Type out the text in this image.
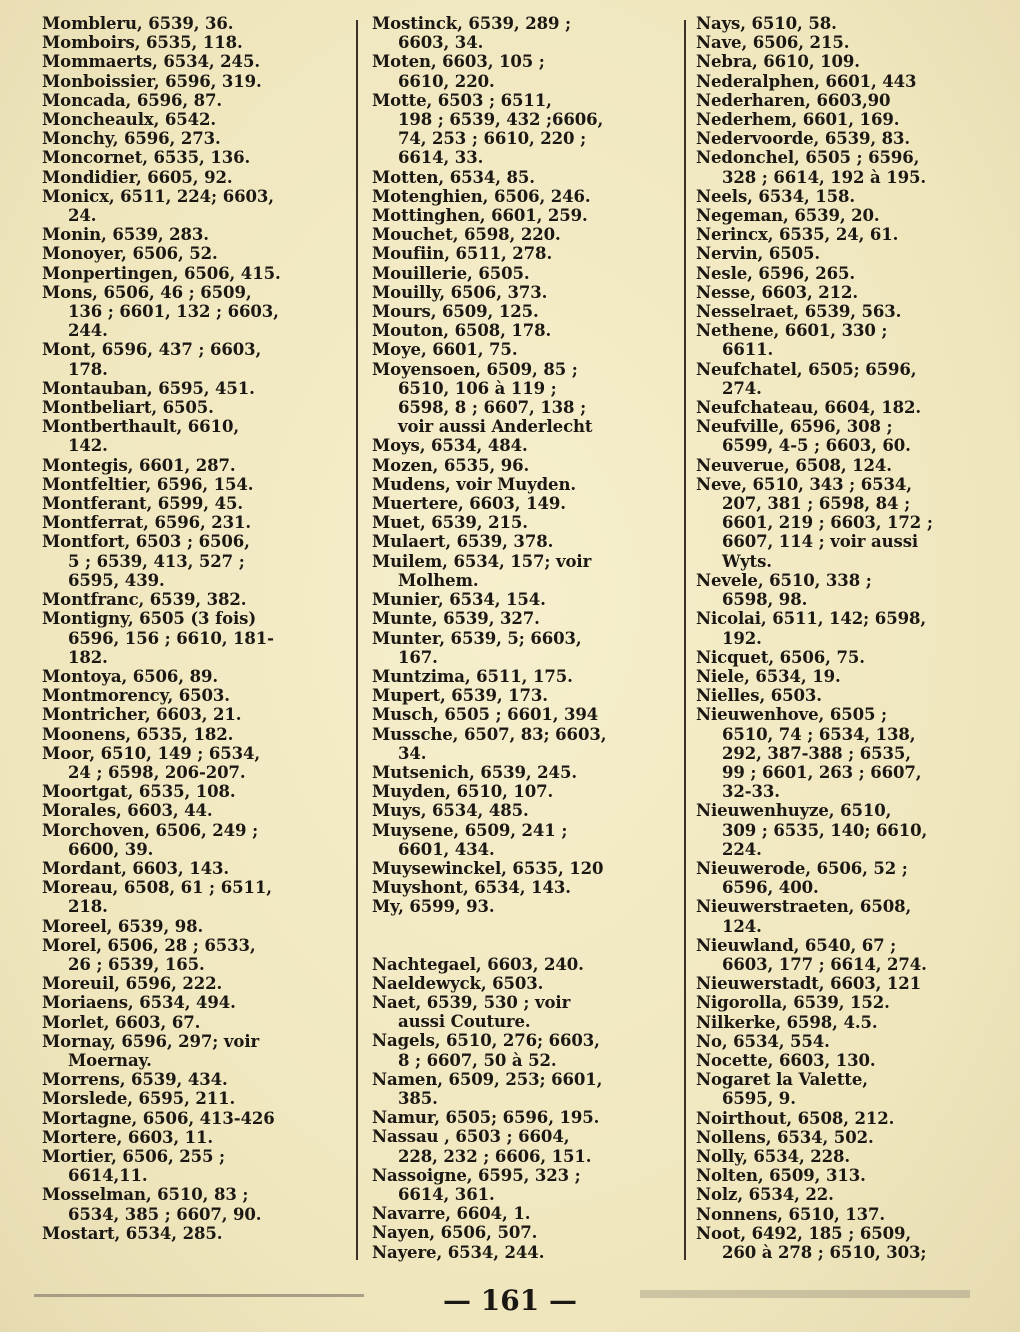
Mombleru, 6539, 36.
Momboirs, 6535, 118.
Mommaerts, 6534, 245.
Monboissier, 6596, 319.
Moncada, 6596, 87.
Moncheaulx, 6542.
Monchy, 6596, 273.
Moncornet, 6535, 136.
Mondidier, 6605, 92.
Monicx, 6511, 224; 6603,
24.
Monin, 6539, 283.
Monoyer, 6506, 52.
Monpertingen, 6506, 415.
Mons, 6506, 46 ; 6509,
136 ; 6601, 132 ; 6603,
244.
Mont, 6596, 437 ; 6603,
178.
Montauban, 6595, 451.
Montbeliart, 6505.
Montberthault, 6610,
142.
Montegis, 6601, 287.
Montfeltier, 6596, 154.
Montferant, 6599, 45.
Montferrat, 6596, 231.
Montfort, 6503 ; 6506,
5 ; 6539, 413, 527 ;
6595, 439.
Montfranc, 6539, 382.
Montigny, 6505 (3 fois)
6596, 156 ; 6610, 181-
182.
Montoya, 6506, 89.
Montmorency, 6503.
Montricher, 6603, 21.
Moonens, 6535, 182.
Moor, 6510, 149 ; 6534,
24 ; 6598, 206-207.
Moortgat, 6535, 108.
Morales, 6603, 44.
Morchoven, 6506, 249 ;
6600, 39.
Mordant, 6603, 143.
Moreau, 6508, 61 ; 6511,
218.
Moreel, 6539, 98.
Morel, 6506, 28 ; 6533,
26 ; 6539, 165.
Moreuil, 6596, 222.
Moriaens, 6534, 494.
Morlet, 6603, 67.
Mornay, 6596, 297; voir
Moernay.
Morrens, 6539, 434.
Morslede, 6595, 211.
Mortagne, 6506, 413-426
Mortere, 6603, 11.
Mortier, 6506, 255 ;
6614,11.
Mosselman, 6510, 83 ;
6534, 385 ; 6607, 90.
Mostart, 6534, 285.
Mostinck, 6539, 289 ;
6603, 34.
Moten, 6603, 105 ;
6610, 220.
Motte, 6503 ; 6511,
198 ; 6539, 432 ;6606,
74, 253 ; 6610, 220 ;
6614, 33.
Motten, 6534, 85.
Motenghien, 6506, 246.
Mottinghen, 6601, 259.
Mouchet, 6598, 220.
Moufiin, 6511, 278.
Mouillerie, 6505.
Mouilly, 6506, 373.
Mours, 6509, 125.
Mouton, 6508, 178.
Moye, 6601, 75.
Moyensoen, 6509, 85 ;
6510, 106 à 119 ;
6598, 8 ; 6607, 138 ;
voir aussi Anderlecht
Moys, 6534, 484.
Mozen, 6535, 96.
Mudens, voir Muyden.
Muertere, 6603, 149.
Muet, 6539, 215.
Mulaert, 6539, 378.
Muilem, 6534, 157; voir
Molhem.
Munier, 6534, 154.
Munte, 6539, 327.
Munter, 6539, 5; 6603,
167.
Muntzima, 6511, 175.
Mupert, 6539, 173.
Musch, 6505 ; 6601, 394
Mussche, 6507, 83; 6603,
34.
Mutsenich, 6539, 245.
Muyden, 6510, 107.
Muys, 6534, 485.
Muysene, 6509, 241 ;
6601, 434.
Muysewinckel, 6535, 120
Muyshont, 6534, 143.
My, 6599, 93.
Nachtegael, 6603, 240.
Naeldewyck, 6503.
Naet, 6539, 530 ; voir
aussi Couture.
Nagels, 6510, 276; 6603,
8 ; 6607, 50 à 52.
Namen, 6509, 253; 6601,
385.
Namur, 6505; 6596, 195.
Nassau , 6503 ; 6604,
228, 232 ; 6606, 151.
Nassoigne, 6595, 323 ;
6614, 361.
Navarre, 6604, 1.
Nayen, 6506, 507.
Nayere, 6534, 244.
Nays, 6510, 58.
Nave, 6506, 215.
Nebra, 6610, 109.
Nederalphen, 6601, 443
Nederharen, 6603,90
Nederhem, 6601, 169.
Nedervoorde, 6539, 83.
Nedonchel, 6505 ; 6596,
328 ; 6614, 192 à 195.
Neels, 6534, 158.
Negeman, 6539, 20.
Nerincx, 6535, 24, 61.
Nervin, 6505.
Nesle, 6596, 265.
Nesse, 6603, 212.
Nesselraet, 6539, 563.
Nethene, 6601, 330 ;
6611.
Neufchatel, 6505; 6596,
274.
Neufchateau, 6604, 182.
Neufville, 6596, 308 ;
6599, 4-5 ; 6603, 60.
Neuverue, 6508, 124.
Neve, 6510, 343 ; 6534,
207, 381 ; 6598, 84 ;
6601, 219 ; 6603, 172 ;
6607, 114 ; voir aussi
Wyts.
Nevele, 6510, 338 ;
6598, 98.
Nicolai, 6511, 142; 6598,
192.
Nicquet, 6506, 75.
Niele, 6534, 19.
Nielles, 6503.
Nieuwenhove, 6505 ;
6510, 74 ; 6534, 138,
292, 387-388 ; 6535,
99 ; 6601, 263 ; 6607,
32-33.
Nieuwenhuyze, 6510,
309 ; 6535, 140; 6610,
224.
Nieuwerode, 6506, 52 ;
6596, 400.
Nieuwerstraeten, 6508,
124.
Nieuwland, 6540, 67 ;
6603, 177 ; 6614, 274.
Nieuwerstadt, 6603, 121
Nigorolla, 6539, 152.
Nilkerke, 6598, 4.5.
No, 6534, 554.
Nocette, 6603, 130.
Nogaret la Valette,
6595, 9.
Noirthout, 6508, 212.
Nollens, 6534, 502.
Nolly, 6534, 228.
Nolten, 6509, 313.
Nolz, 6534, 22.
Nonnens, 6510, 137.
Noot, 6492, 185 ; 6509,
260 à 278 ; 6510, 303;
— 161 —
